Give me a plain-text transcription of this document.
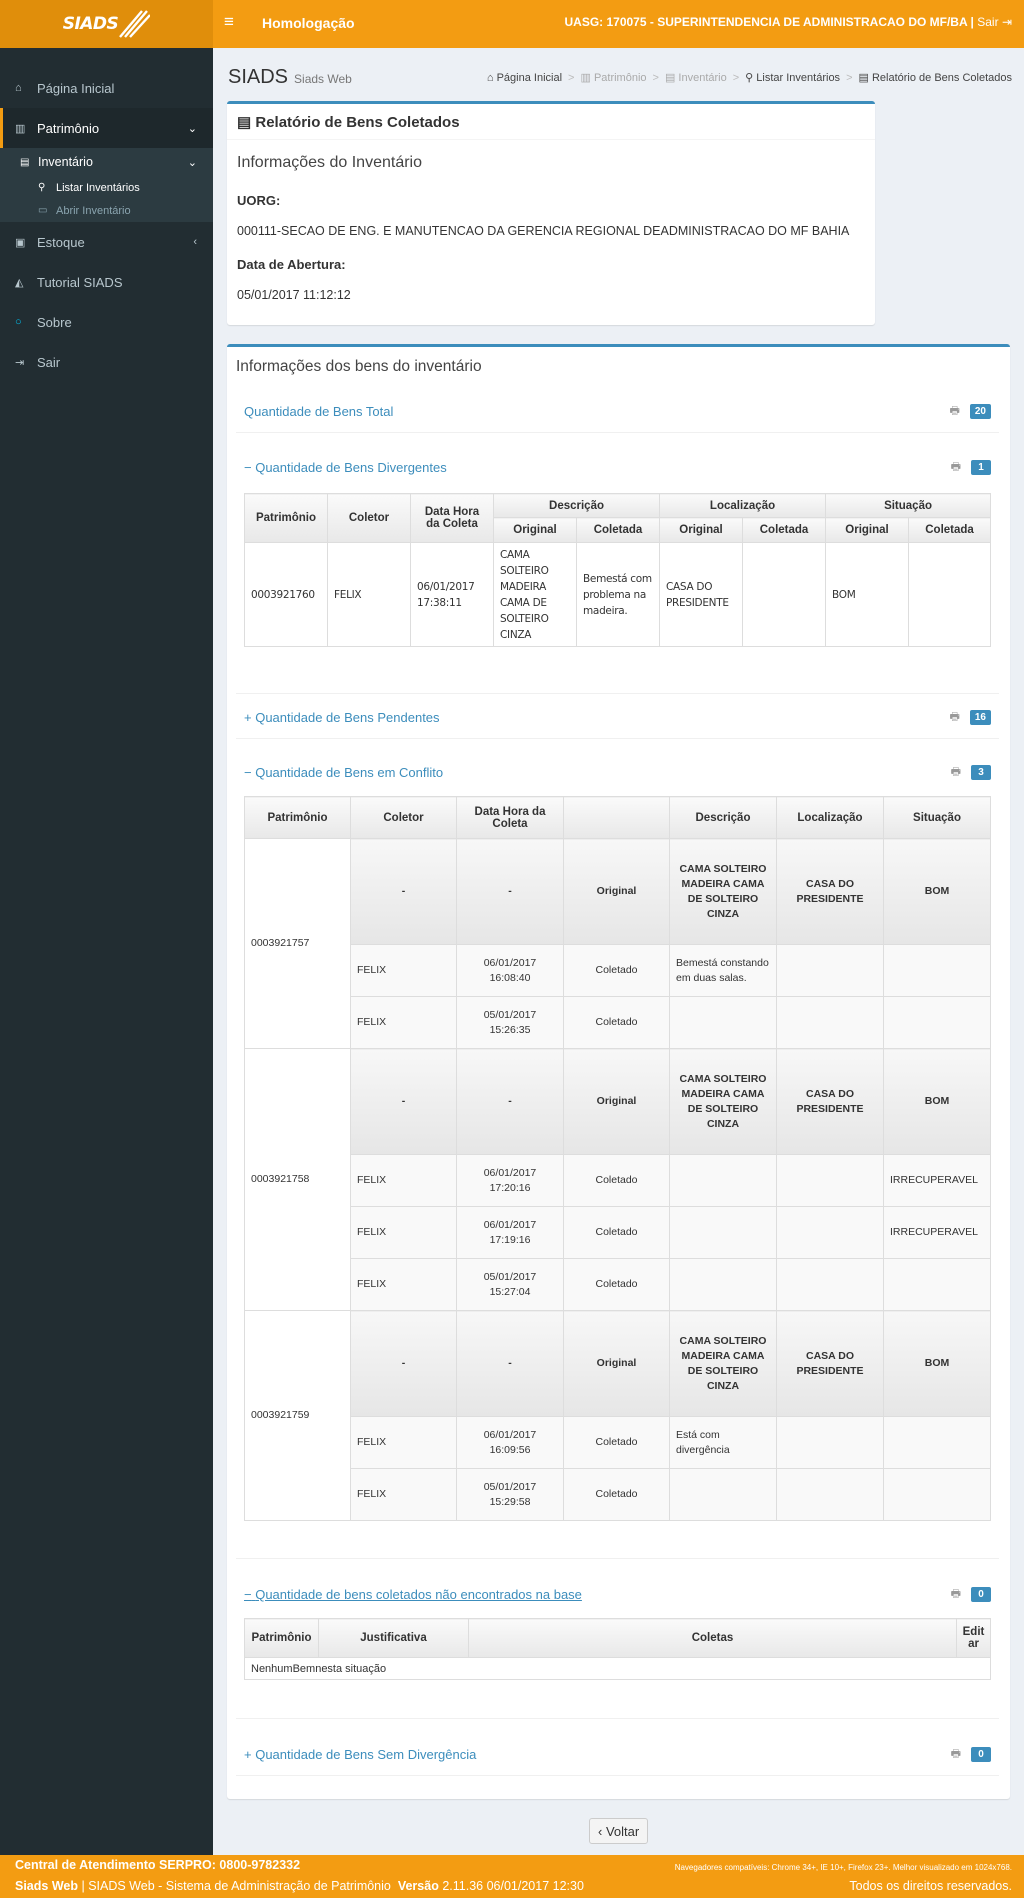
SIADS	≡ Homologação	UASG: 170075 - SUPERINTENDENCIA DE ADMINISTRACAO DO MF/BA | Sair ⇥
⌂	Página Inicial
▥ Patrimônio	⌄
▤ Inventário	⌄
⚲ Listar Inventários
▭ Abrir Inventário
▣ Estoque	‹
◭	Tutorial SIADS
○	Sobre
⇥ Sair
SIADS Siads Web	⌂ Página Inicial > ▥ Patrimônio > ▤ Inventário > ⚲ Listar Inventários > ▤ Relatório de Bens Coletados
▤ Relatório de Bens Coletados
Informações do Inventário
UORG:
000111-SECAO DE ENG. E MANUTENCAO DA GERENCIA REGIONAL DEADMINISTRACAO DO MF BAHIA
Data de Abertura:
05/01/2017 11:12:12
Informações dos bens do inventário
Quantidade de Bens Total	🖶	20
− Quantidade de Bens Divergentes	🖶	1
Patrimônio	Coletor	Data Hora da Coleta	Descrição		Localização		Situação	
			Original	Coletada	Original	Coletada	Original	Coletada
0003921760	FELIX	06/01/2017 17:38:11	CAMA SOLTEIRO MADEIRA CAMA DE SOLTEIRO CINZA	Bemestá com problema na madeira.	CASA DO PRESIDENTE		BOM	
+ Quantidade de Bens Pendentes	🖶	16
− Quantidade de Bens em Conflito	🖶	3
Patrimônio	Coletor	Data Hora da Coleta		Descrição	Localização	Situação
0003921757	-	-	Original	CAMA SOLTEIRO MADEIRA CAMA DE SOLTEIRO CINZA	CASA DO PRESIDENTE	BOM
	FELIX	06/01/2017 16:08:40	Coletado	Bemestá constando em duas salas.		
	FELIX	05/01/2017 15:26:35	Coletado			
0003921758	-	-	Original	CAMA SOLTEIRO MADEIRA CAMA DE SOLTEIRO CINZA	CASA DO PRESIDENTE	BOM
	FELIX	06/01/2017 17:20:16	Coletado			IRRECUPERAVEL
	FELIX	06/01/2017 17:19:16	Coletado			IRRECUPERAVEL
	FELIX	05/01/2017 15:27:04	Coletado			
0003921759	-	-	Original	CAMA SOLTEIRO MADEIRA CAMA DE SOLTEIRO CINZA	CASA DO PRESIDENTE	BOM
	FELIX	06/01/2017 16:09:56	Coletado	Está com divergência		
	FELIX	05/01/2017 15:29:58	Coletado			
− Quantidade de bens coletados não encontrados na base	🖶	0
Patrimônio	Justificativa	Coletas	Editar
NenhumBemnesta situação
+ Quantidade de Bens Sem Divergência	🖶	0
‹
Voltar
Central de Atendimento SERPRO: 0800-9782332	Navegadores compatíveis: Chrome 34+, IE 10+, Firefox 23+. Melhor visualizado em 1024x768.
Siads Web | SIADS Web - Sistema de Administração de Patrimônio Versão 2.11.36 06/01/2017 12:30	Todos os direitos reservados.
